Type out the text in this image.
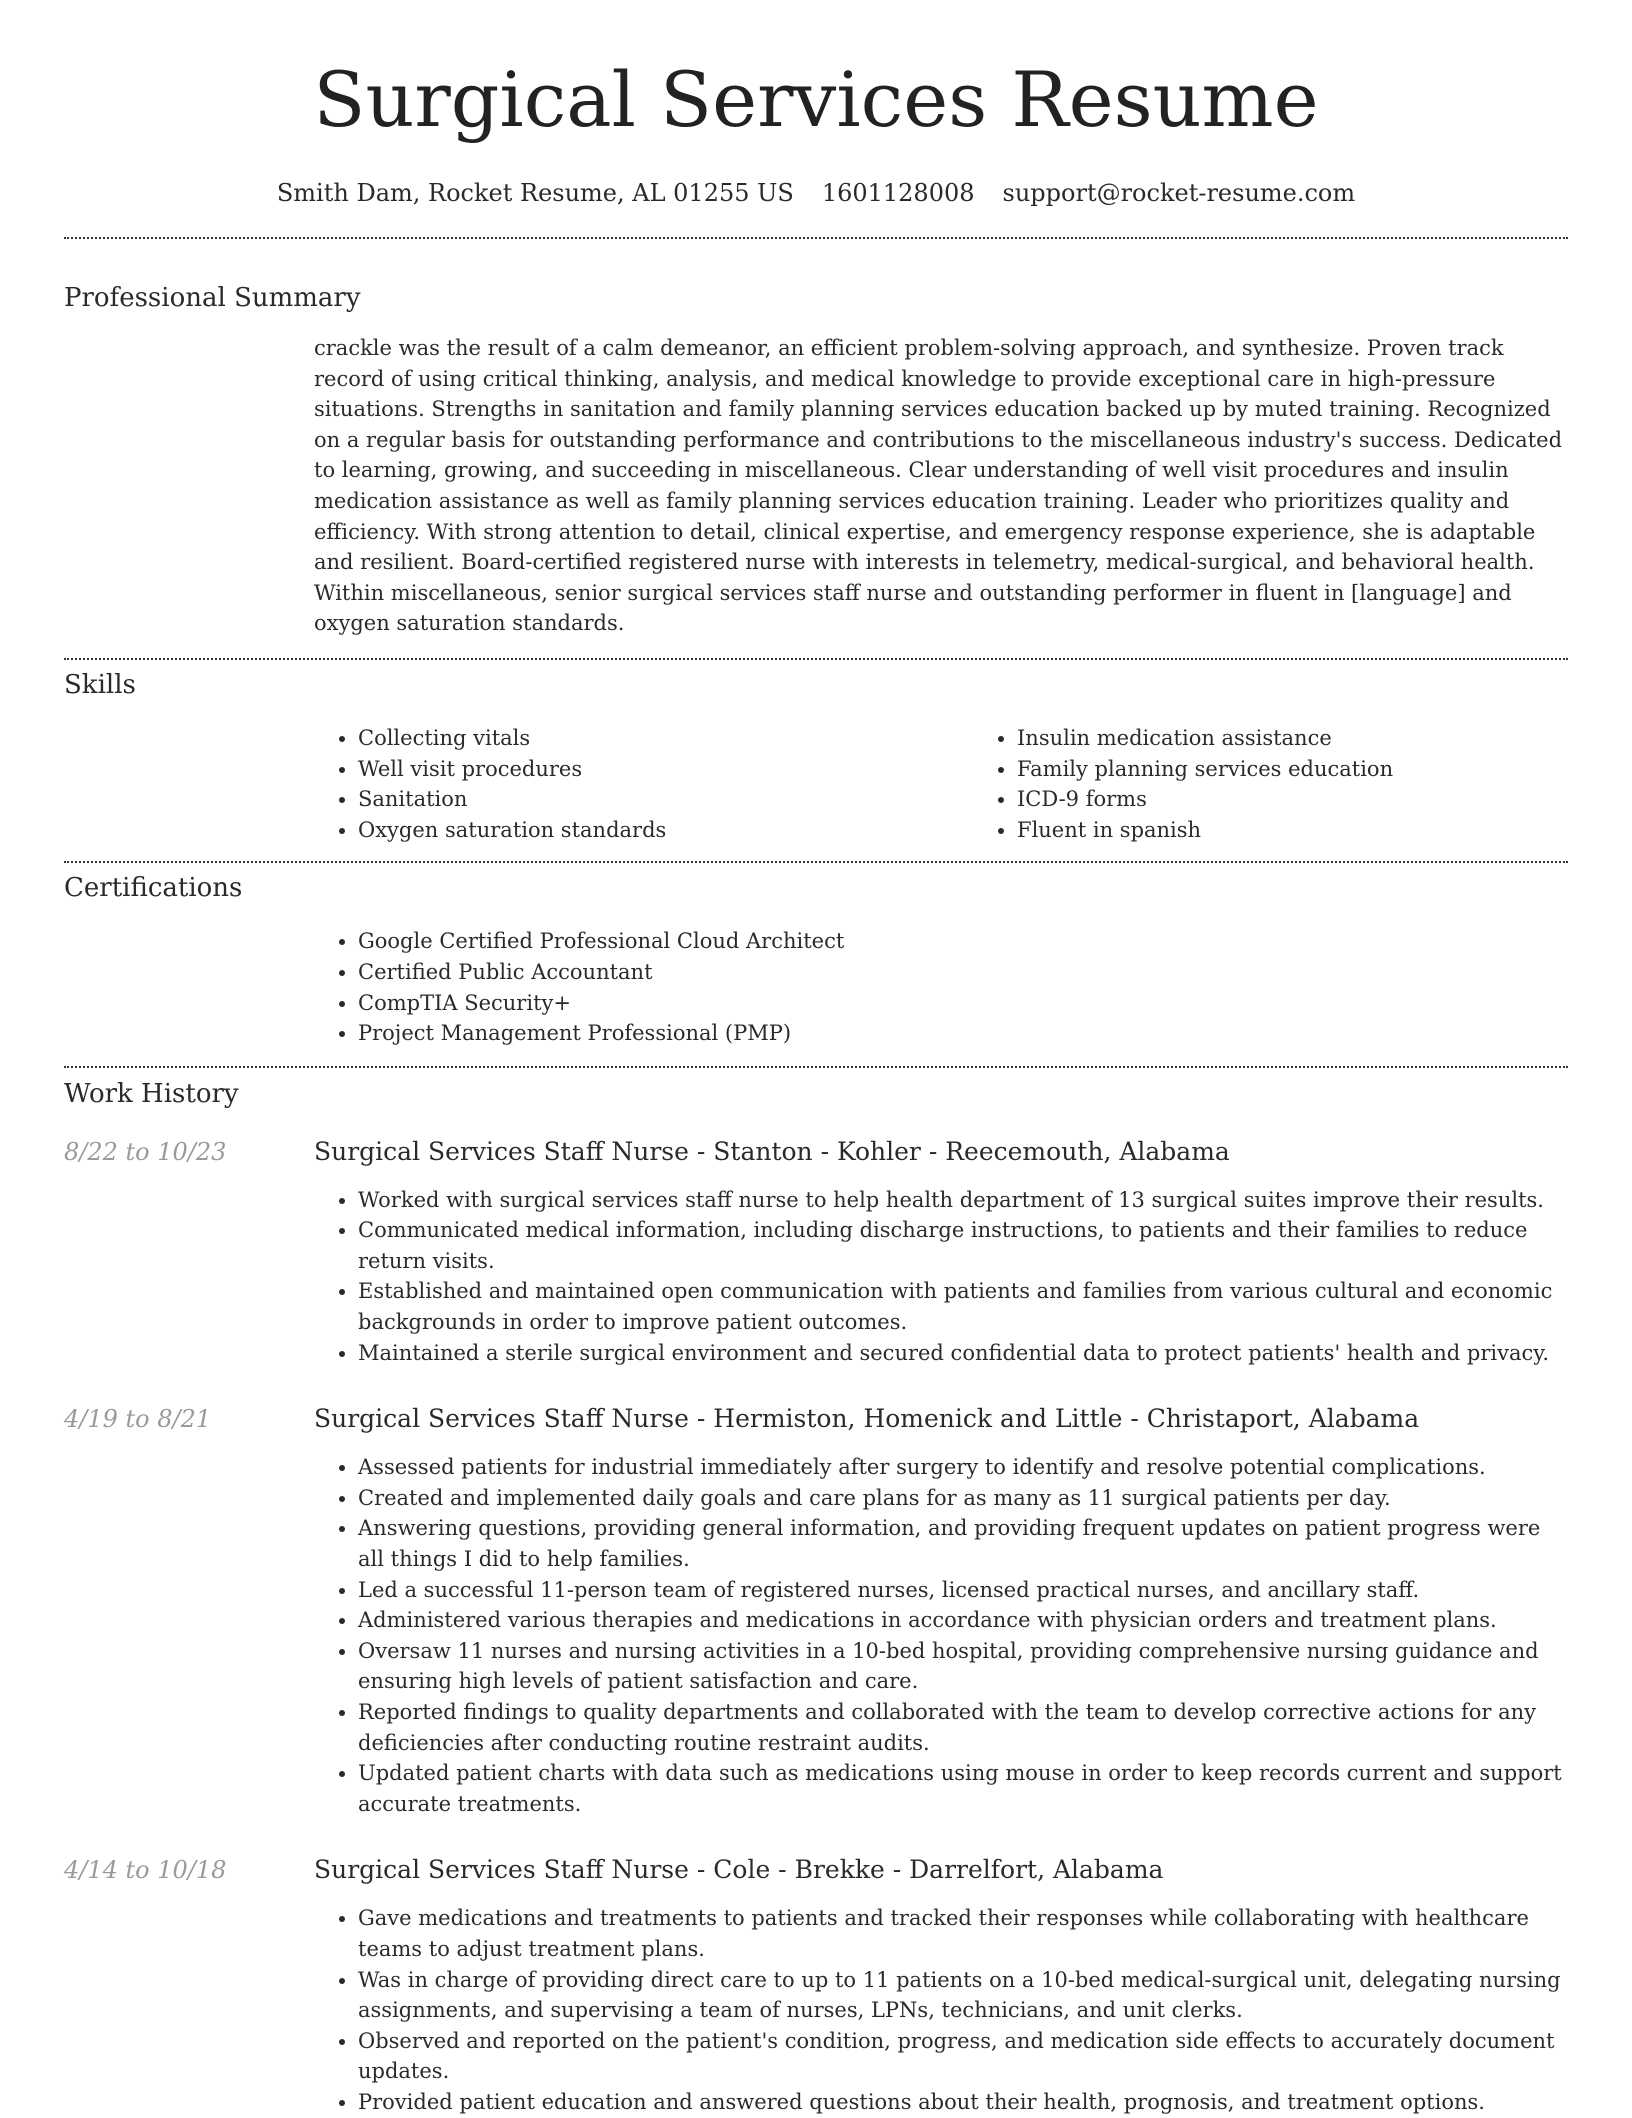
Surgical Services Resume
Smith Dam, Rocket Resume, AL 01255 US 1601128008 support@rocket-resume.com
Professional Summary
crackle was the result of a calm demeanor, an efficient problem-solving approach, and synthesize. Proven track record of using critical thinking, analysis, and medical knowledge to provide exceptional care in high-pressure situations. Strengths in sanitation and family planning services education backed up by muted training. Recognized on a regular basis for outstanding performance and contributions to the miscellaneous industry's success. Dedicated to learning, growing, and succeeding in miscellaneous. Clear understanding of well visit procedures and insulin medication assistance as well as family planning services education training. Leader who prioritizes quality and efficiency. With strong attention to detail, clinical expertise, and emergency response experience, she is adaptable and resilient. Board-certified registered nurse with interests in telemetry, medical-surgical, and behavioral health. Within miscellaneous, senior surgical services staff nurse and outstanding performer in fluent in [language] and oxygen saturation standards.
Skills
• Collecting vitals
• Well visit procedures
• Sanitation
• Oxygen saturation standards
• Insulin medication assistance
• Family planning services education
• ICD-9 forms
• Fluent in spanish
Certifications
• Google Certified Professional Cloud Architect
• Certified Public Accountant
• CompTIA Security+
• Project Management Professional (PMP)
Work History
8/22 to 10/23	Surgical Services Staff Nurse - Stanton - Kohler - Reecemouth, Alabama
• Worked with surgical services staff nurse to help health department of 13 surgical suites improve their results.
• Communicated medical information, including discharge instructions, to patients and their families to reduce return visits.
• Established and maintained open communication with patients and families from various cultural and economic backgrounds in order to improve patient outcomes.
• Maintained a sterile surgical environment and secured confidential data to protect patients' health and privacy.
4/19 to 8/21	Surgical Services Staff Nurse - Hermiston, Homenick and Little - Christaport, Alabama
• Assessed patients for industrial immediately after surgery to identify and resolve potential complications.
• Created and implemented daily goals and care plans for as many as 11 surgical patients per day.
• Answering questions, providing general information, and providing frequent updates on patient progress were all things I did to help families.
• Led a successful 11-person team of registered nurses, licensed practical nurses, and ancillary staff.
• Administered various therapies and medications in accordance with physician orders and treatment plans.
• Oversaw 11 nurses and nursing activities in a 10-bed hospital, providing comprehensive nursing guidance and ensuring high levels of patient satisfaction and care.
• Reported findings to quality departments and collaborated with the team to develop corrective actions for any deficiencies after conducting routine restraint audits.
• Updated patient charts with data such as medications using mouse in order to keep records current and support accurate treatments.
4/14 to 10/18	Surgical Services Staff Nurse - Cole - Brekke - Darrelfort, Alabama
• Gave medications and treatments to patients and tracked their responses while collaborating with healthcare teams to adjust treatment plans.
• Was in charge of providing direct care to up to 11 patients on a 10-bed medical-surgical unit, delegating nursing assignments, and supervising a team of nurses, LPNs, technicians, and unit clerks.
• Observed and reported on the patient's condition, progress, and medication side effects to accurately document updates.
• Provided patient education and answered questions about their health, prognosis, and treatment options.
